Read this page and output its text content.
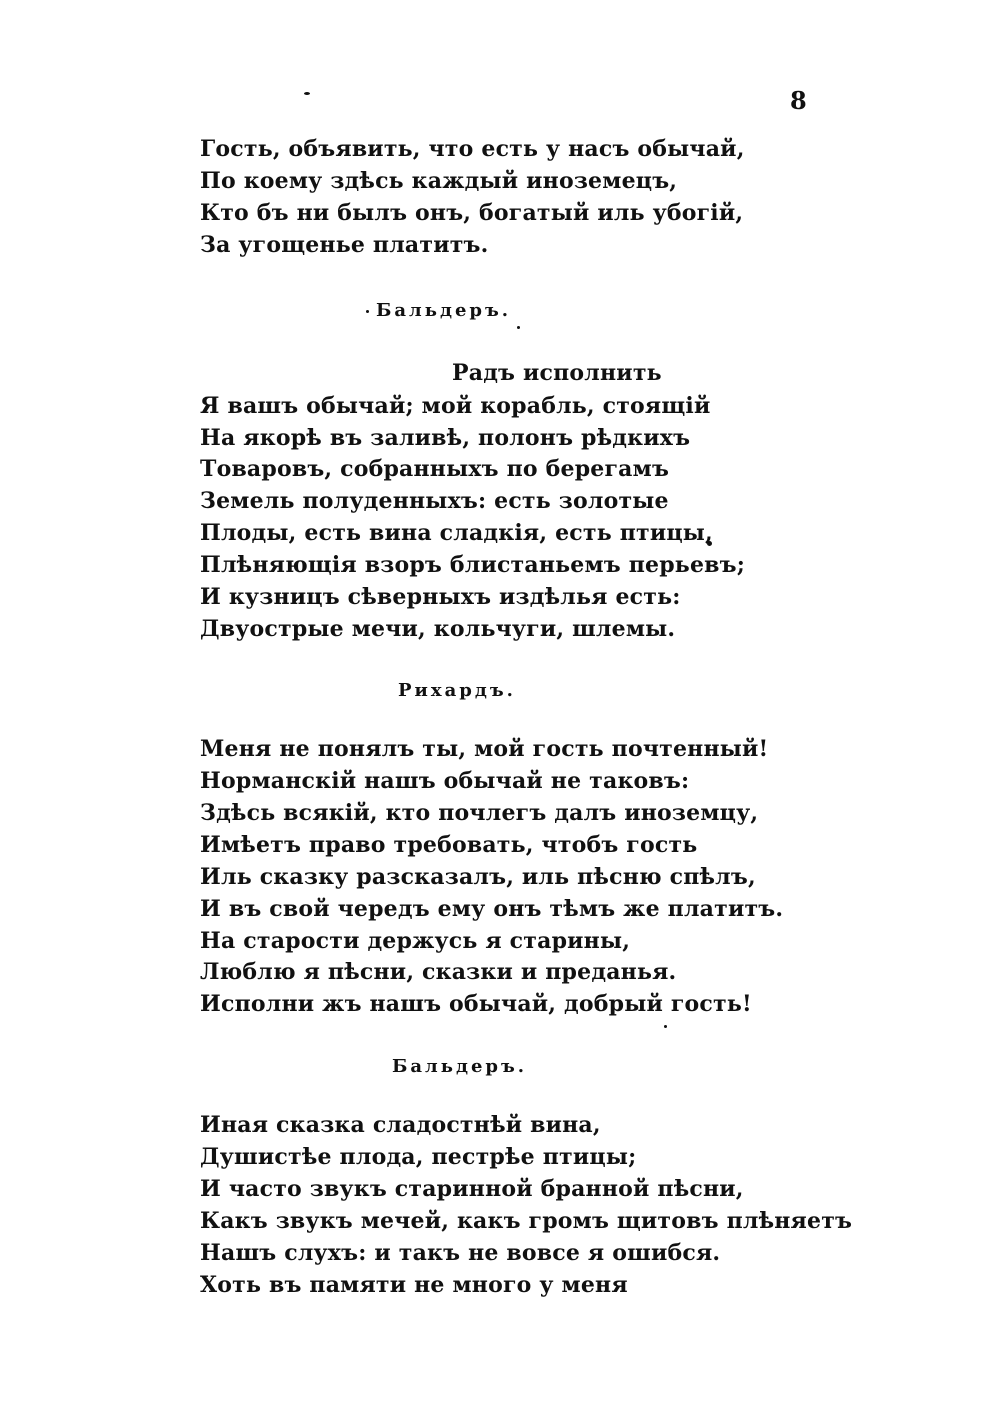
8
Гость, объявить, что есть у насъ обычай,
По коему здѣсь каждый иноземецъ,
Кто бъ ни былъ онъ, богатый иль убогій,
За угощенье платитъ.
Бальдеръ.
Радъ исполнить
Я вашъ обычай; мой корабль, стоящій
На якорѣ въ заливѣ, полонъ рѣдкихъ
Товаровъ, собранныхъ по берегамъ
Земель полуденныхъ: есть золотые
Плоды, есть вина сладкія, есть птицы,
Плѣняющія взоръ блистаньемъ перьевъ;
И кузницъ сѣверныхъ издѣлья есть:
Двуострые мечи, кольчуги, шлемы.
Рихардъ.
Меня не понялъ ты, мой гость почтенный!
Норманскій нашъ обычай не таковъ:
Здѣсь всякій, кто почлегъ далъ иноземцу,
Имѣетъ право требовать, чтобъ гость
Иль сказку разсказалъ, иль пѣсню спѣлъ,
И въ свой чередъ ему онъ тѣмъ же платитъ.
На старости держусь я старины,
Люблю я пѣсни, сказки и преданья.
Исполни жъ нашъ обычай, добрый гость!
Бальдеръ.
Иная сказка сладостнѣй вина,
Душистѣе плода, пестрѣе птицы;
И часто звукъ старинной бранной пѣсни,
Какъ звукъ мечей, какъ громъ щитовъ плѣняетъ
Нашъ слухъ: и такъ не вовсе я ошибся.
Хоть въ памяти не много у меня
